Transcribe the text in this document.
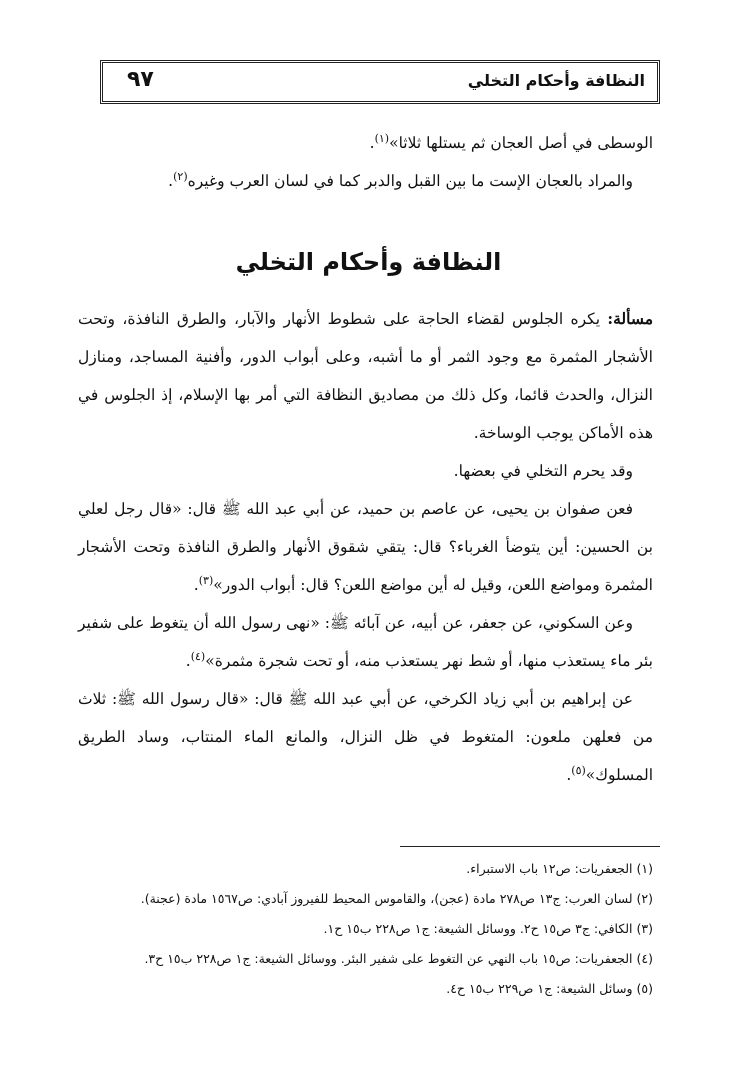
النظافة وأحكام التخلي
٩٧

الوسطى في أصل العجان ثم يستلها ثلاثا»$^{(١)}$.

والمراد بالعجان الإست ما بين القبل والدبر كما في لسان العرب وغيره$^{(٢)}$.

النظافة وأحكام التخلي

مسألة: يكره الجلوس لقضاء الحاجة على شطوط الأنهار والآبار، والطرق النافذة، وتحت الأشجار المثمرة مع وجود الثمر أو ما أشبه، وعلى أبواب الدور، وأفنية المساجد، ومنازل النزال، والحدث قائما، وكل ذلك من مصاديق النظافة التي أمر بها الإسلام، إذ الجلوس في هذه الأماكن يوجب الوساخة.

وقد يحرم التخلي في بعضها.

فعن صفوان بن يحيى، عن عاصم بن حميد، عن أبي عبد الله ﷺ قال: «قال رجل لعلي بن الحسين: أين يتوضأ الغرباء؟ قال: يتقي شقوق الأنهار والطرق النافذة وتحت الأشجار المثمرة ومواضع اللعن، وقيل له أين مواضع اللعن؟ قال: أبواب الدور»$^{(٣)}$.

وعن السكوني، عن جعفر، عن أبيه، عن آبائه ﷺ: «نهى رسول الله أن يتغوط على شفير بئر ماء يستعذب منها، أو شط نهر يستعذب منه، أو تحت شجرة مثمرة»$^{(٤)}$.

عن إبراهيم بن أبي زياد الكرخي، عن أبي عبد الله ﷺ قال: «قال رسول الله ﷺ: ثلاث من فعلهن ملعون: المتغوط في ظل النزال، والمانع الماء المنتاب، وساد الطريق المسلوك»$^{(٥)}$.

(١) الجعفريات: ص١٢ باب الاستبراء.
(٢) لسان العرب: ج١٣ ص٢٧٨ مادة (عجن)، والقاموس المحيط للفيروز آبادي: ص١٥٦٧ مادة (عجنة).
(٣) الكافي: ج٣ ص١٥ ح٢. ووسائل الشيعة: ج١ ص٢٢٨ ب١٥ ح١.
(٤) الجعفريات: ص١٥ باب النهي عن التغوط على شفير البئر. ووسائل الشيعة: ج١ ص٢٢٨ ب١٥ ح٣.
(٥) وسائل الشيعة: ج١ ص٢٢٩ ب١٥ ح٤.
